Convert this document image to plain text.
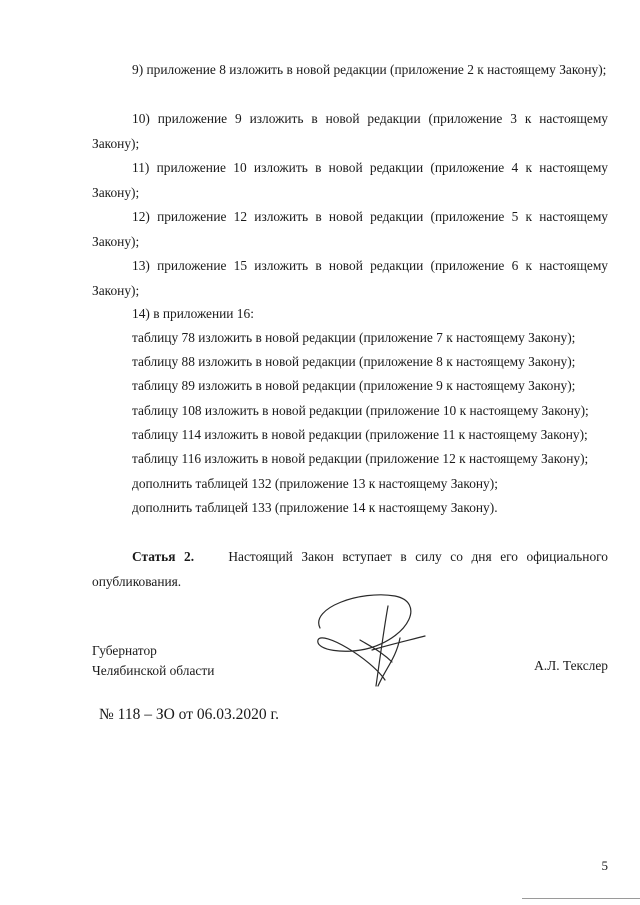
9) приложение 8 изложить в новой редакции (приложение 2 к настоящему Закону);

10) приложение 9 изложить в новой редакции (приложение 3 к настоящему Закону);

11) приложение 10 изложить в новой редакции (приложение 4 к настоящему Закону);

12) приложение 12 изложить в новой редакции (приложение 5 к настоящему Закону);

13) приложение 15 изложить в новой редакции (приложение 6 к настоящему Закону);

14) в приложении 16:

таблицу 78 изложить в новой редакции (приложение 7 к настоящему Закону);

таблицу 88 изложить в новой редакции (приложение 8 к настоящему Закону);

таблицу 89 изложить в новой редакции (приложение 9 к настоящему Закону);

таблицу 108 изложить в новой редакции (приложение 10 к настоящему Закону);

таблицу 114 изложить в новой редакции (приложение 11 к настоящему Закону);

таблицу 116 изложить в новой редакции (приложение 12 к настоящему Закону);

дополнить таблицей 132 (приложение 13 к настоящему Закону);

дополнить таблицей 133 (приложение 14 к настоящему Закону).

Статья 2.	Настоящий Закон вступает в силу со дня его официального опубликования.

Губернатор
Челябинской области	А.Л. Текслер
№ 118 – ЗО от 06.03.2020 г.
5
